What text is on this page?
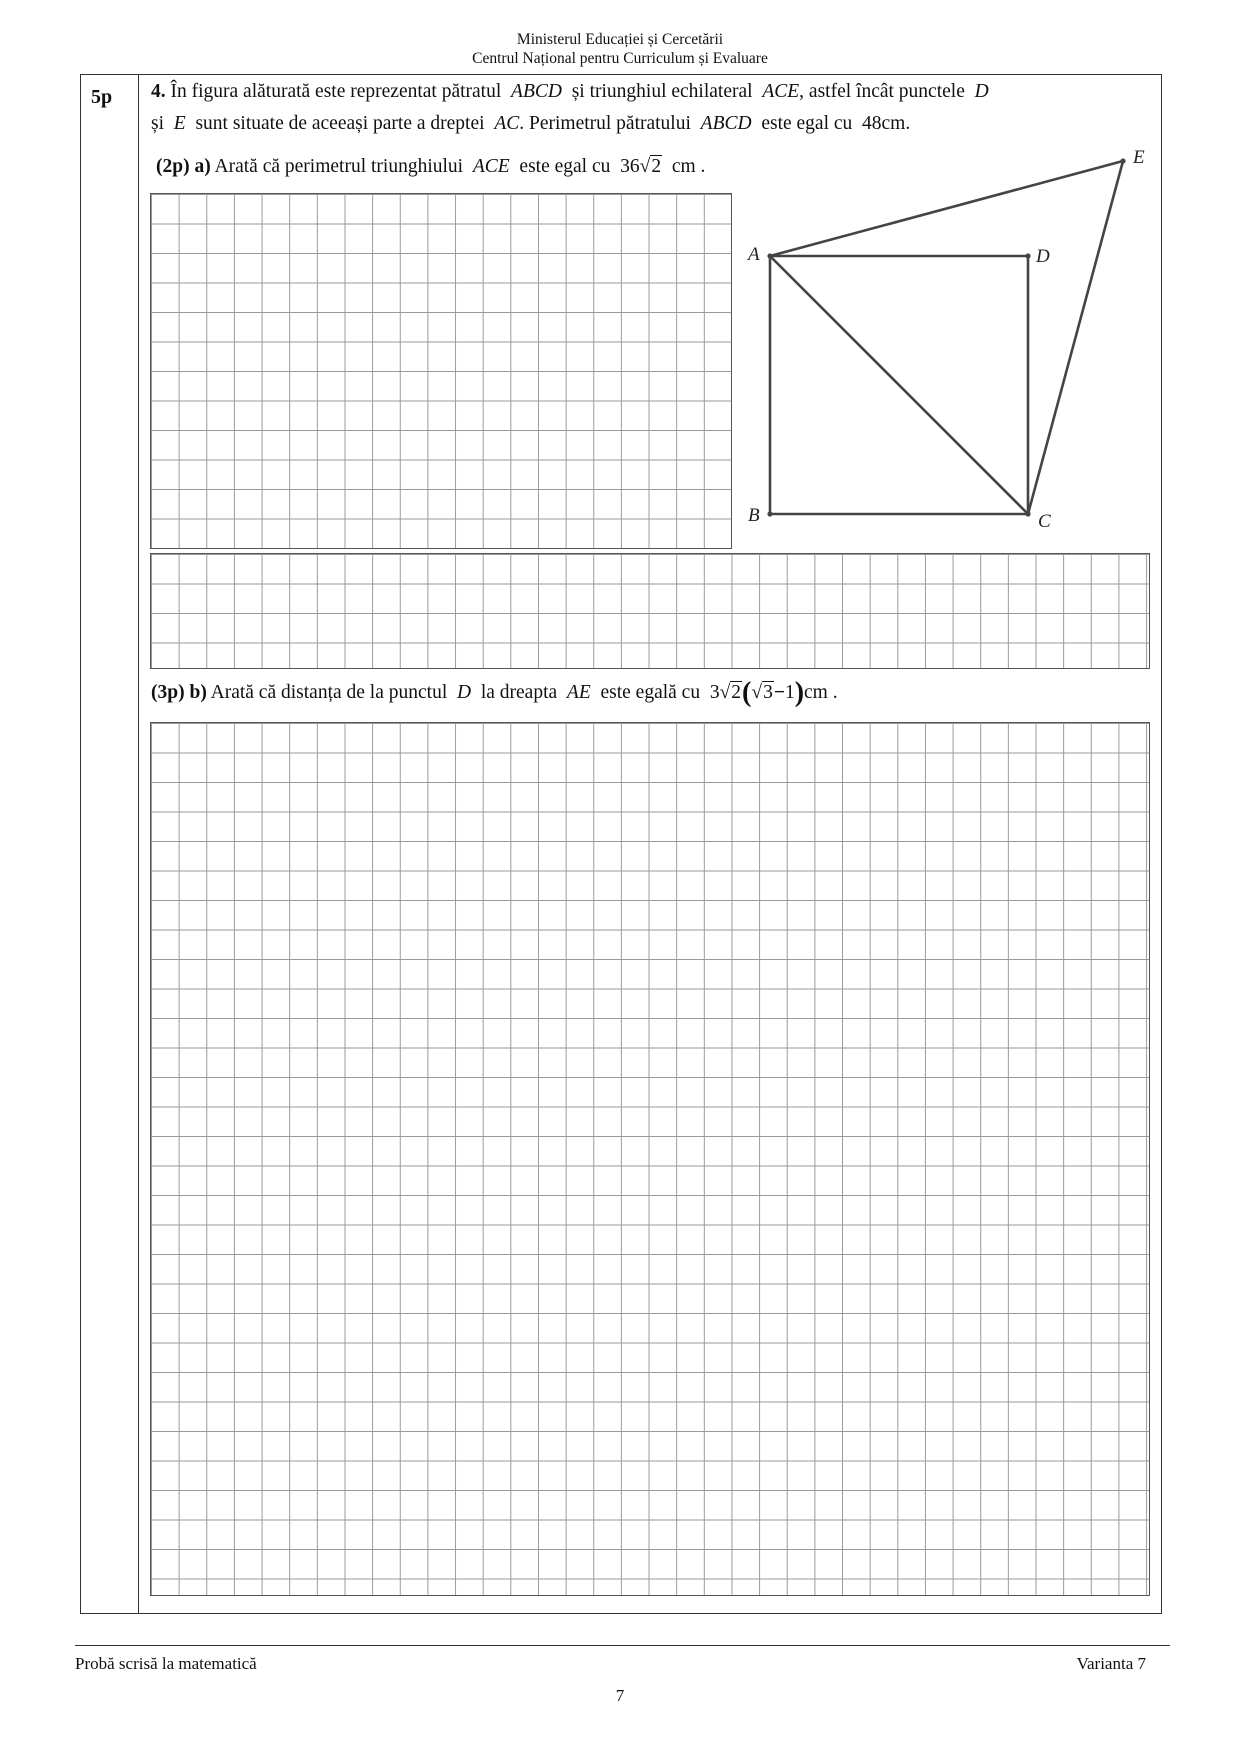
Ministerul Educației și Cercetării
Centrul Național pentru Curriculum și Evaluare
5p 4. În figura alăturată este reprezentat pătratul ABCD și triunghiul echilateral ACE, astfel încât punctele D
și E sunt situate de aceeași parte a dreptei AC. Perimetrul pătratului ABCD este egal cu 48cm.
(2p) a) Arată că perimetrul triunghiului ACE este egal cu 36√2 cm .
A
B	C
D
E
(3p) b) Arată că distanța de la punctul D la dreapta AE este egală cu 3√2(√3−1)cm .
Probă scrisă la matematică	Varianta 7
7
